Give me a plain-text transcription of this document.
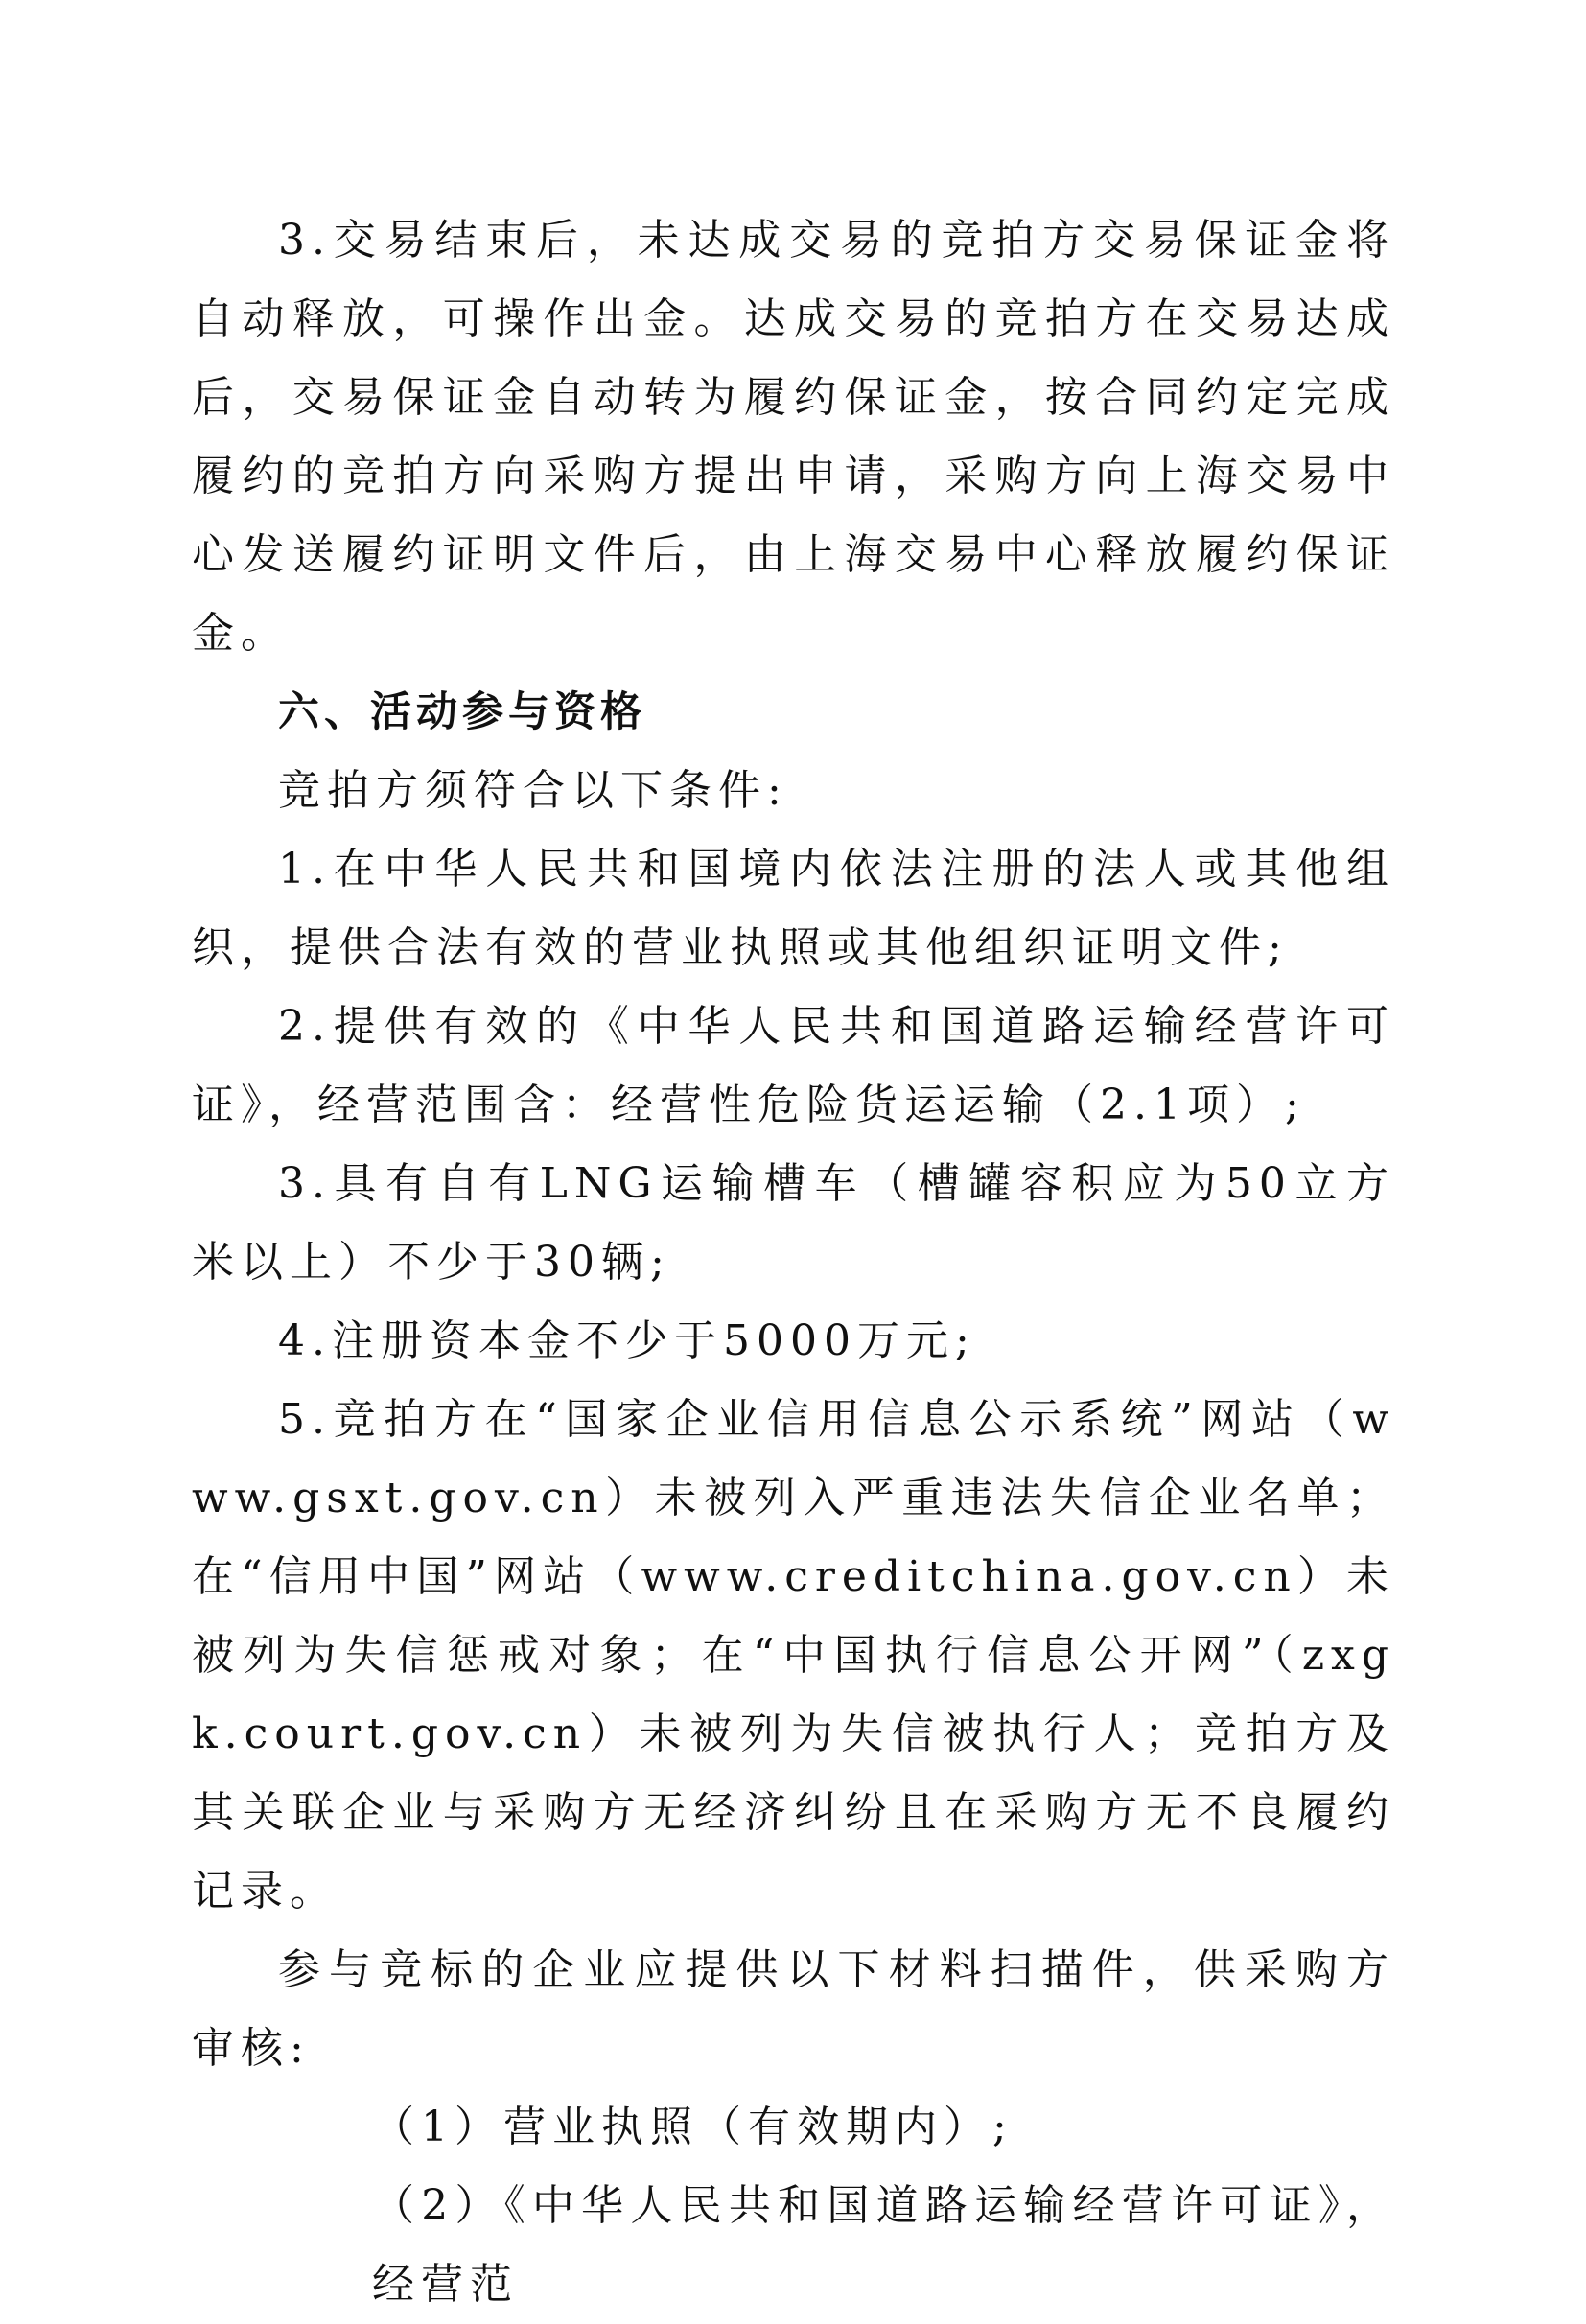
3.交易结束后，未达成交易的竞拍方交易保证金将自动释放，可操作出金。达成交易的竞拍方在交易达成后，交易保证金自动转为履约保证金，按合同约定完成履约的竞拍方向采购方提出申请，采购方向上海交易中心发送履约证明文件后，由上海交易中心释放履约保证金。

六、活动参与资格

竞拍方须符合以下条件:

1.在中华人民共和国境内依法注册的法人或其他组织，提供合法有效的营业执照或其他组织证明文件;

2.提供有效的《中华人民共和国道路运输经营许可证》，经营范围含：经营性危险货运运输（2.1项）;

3.具有自有LNG运输槽车（槽罐容积应为50立方米以上）不少于30辆;

4.注册资本金不少于5000万元;

5.竞拍方在“国家企业信用信息公示系统”网站（www.gsxt.gov.cn）未被列入严重违法失信企业名单；在“信用中国”网站（www.creditchina.gov.cn）未被列为失信惩戒对象；在“中国执行信息公开网”（zxgk.court.gov.cn）未被列为失信被执行人；竞拍方及其关联企业与采购方无经济纠纷且在采购方无不良履约记录。

参与竞标的企业应提供以下材料扫描件，供采购方审核:

（1）营业执照（有效期内）;

（2）《中华人民共和国道路运输经营许可证》，经营范
